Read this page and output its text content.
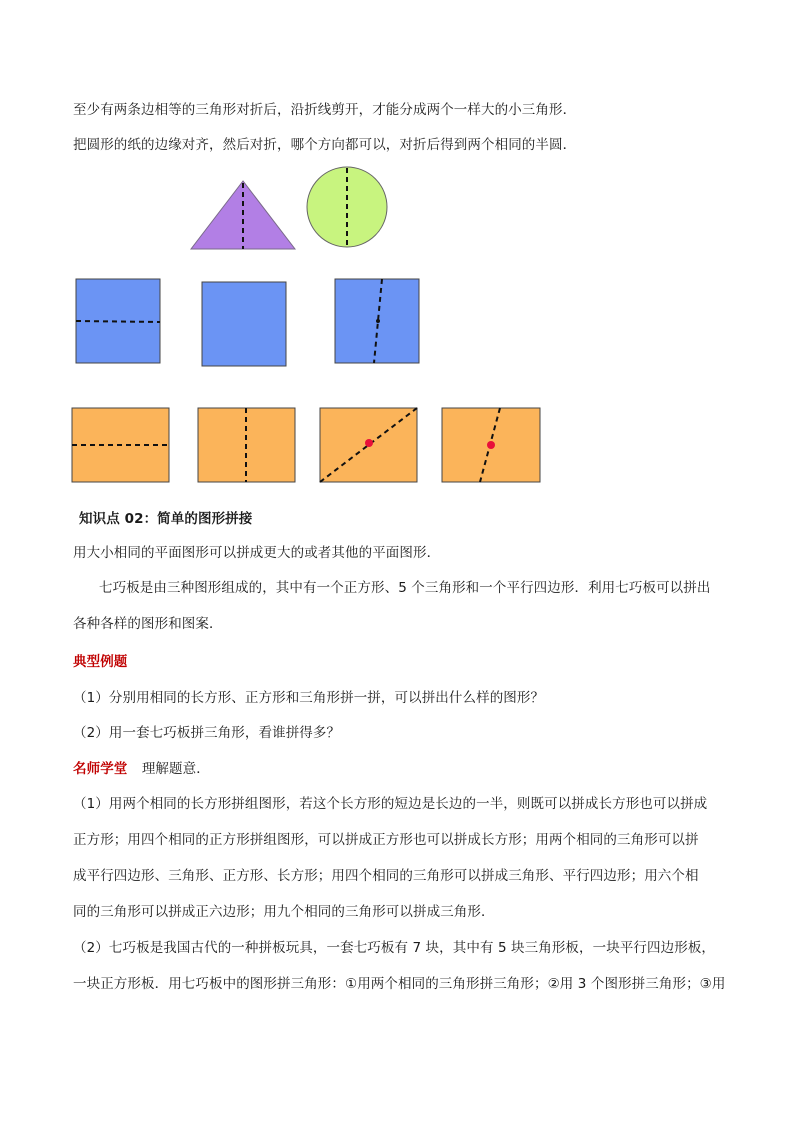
至少有两条边相等的三角形对折后，沿折线剪开，才能分成两个一样大的小三角形．
把圆形的纸的边缘对齐，然后对折，哪个方向都可以，对折后得到两个相同的半圆．
知识点 02：简单的图形拼接
用大小相同的平面图形可以拼成更大的或者其他的平面图形．
七巧板是由三种图形组成的，其中有一个正方形、5 个三角形和一个平行四边形．利用七巧板可以拼出
各种各样的图形和图案．
典型例题
（1）分别用相同的长方形、正方形和三角形拼一拼，可以拼出什么样的图形？
（2）用一套七巧板拼三角形，看谁拼得多？
名师学堂 理解题意．
（1）用两个相同的长方形拼组图形，若这个长方形的短边是长边的一半，则既可以拼成长方形也可以拼成
正方形；用四个相同的正方形拼组图形，可以拼成正方形也可以拼成长方形；用两个相同的三角形可以拼
成平行四边形、三角形、正方形、长方形；用四个相同的三角形可以拼成三角形、平行四边形；用六个相
同的三角形可以拼成正六边形；用九个相同的三角形可以拼成三角形．
（2）七巧板是我国古代的一种拼板玩具，一套七巧板有 7 块，其中有 5 块三角形板，一块平行四边形板，
一块正方形板．用七巧板中的图形拼三角形：①用两个相同的三角形拼三角形；②用 3 个图形拼三角形；③用
